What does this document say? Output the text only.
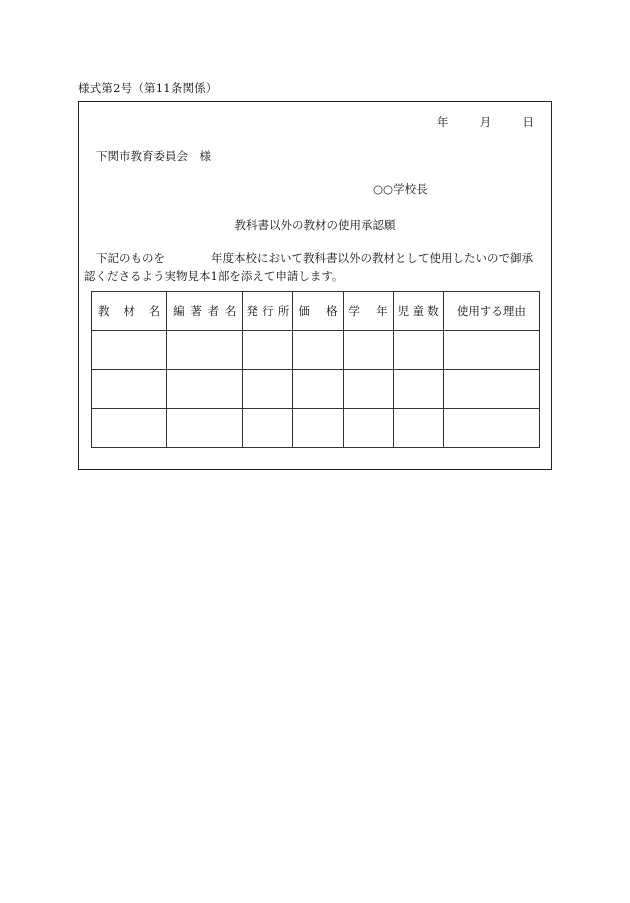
様式第2号（第11条関係）
年	月	日
下関市教育委員会　様
○○学校長
教科書以外の教材の使用承認願
下記のものを	年度本校において教科書以外の教材として使用したいので御承
認くださるよう実物見本1部を添えて申請します。
教 材 名	編 著 者 名	発 行 所	価 格	学 年	児 童 数	使用する理由
